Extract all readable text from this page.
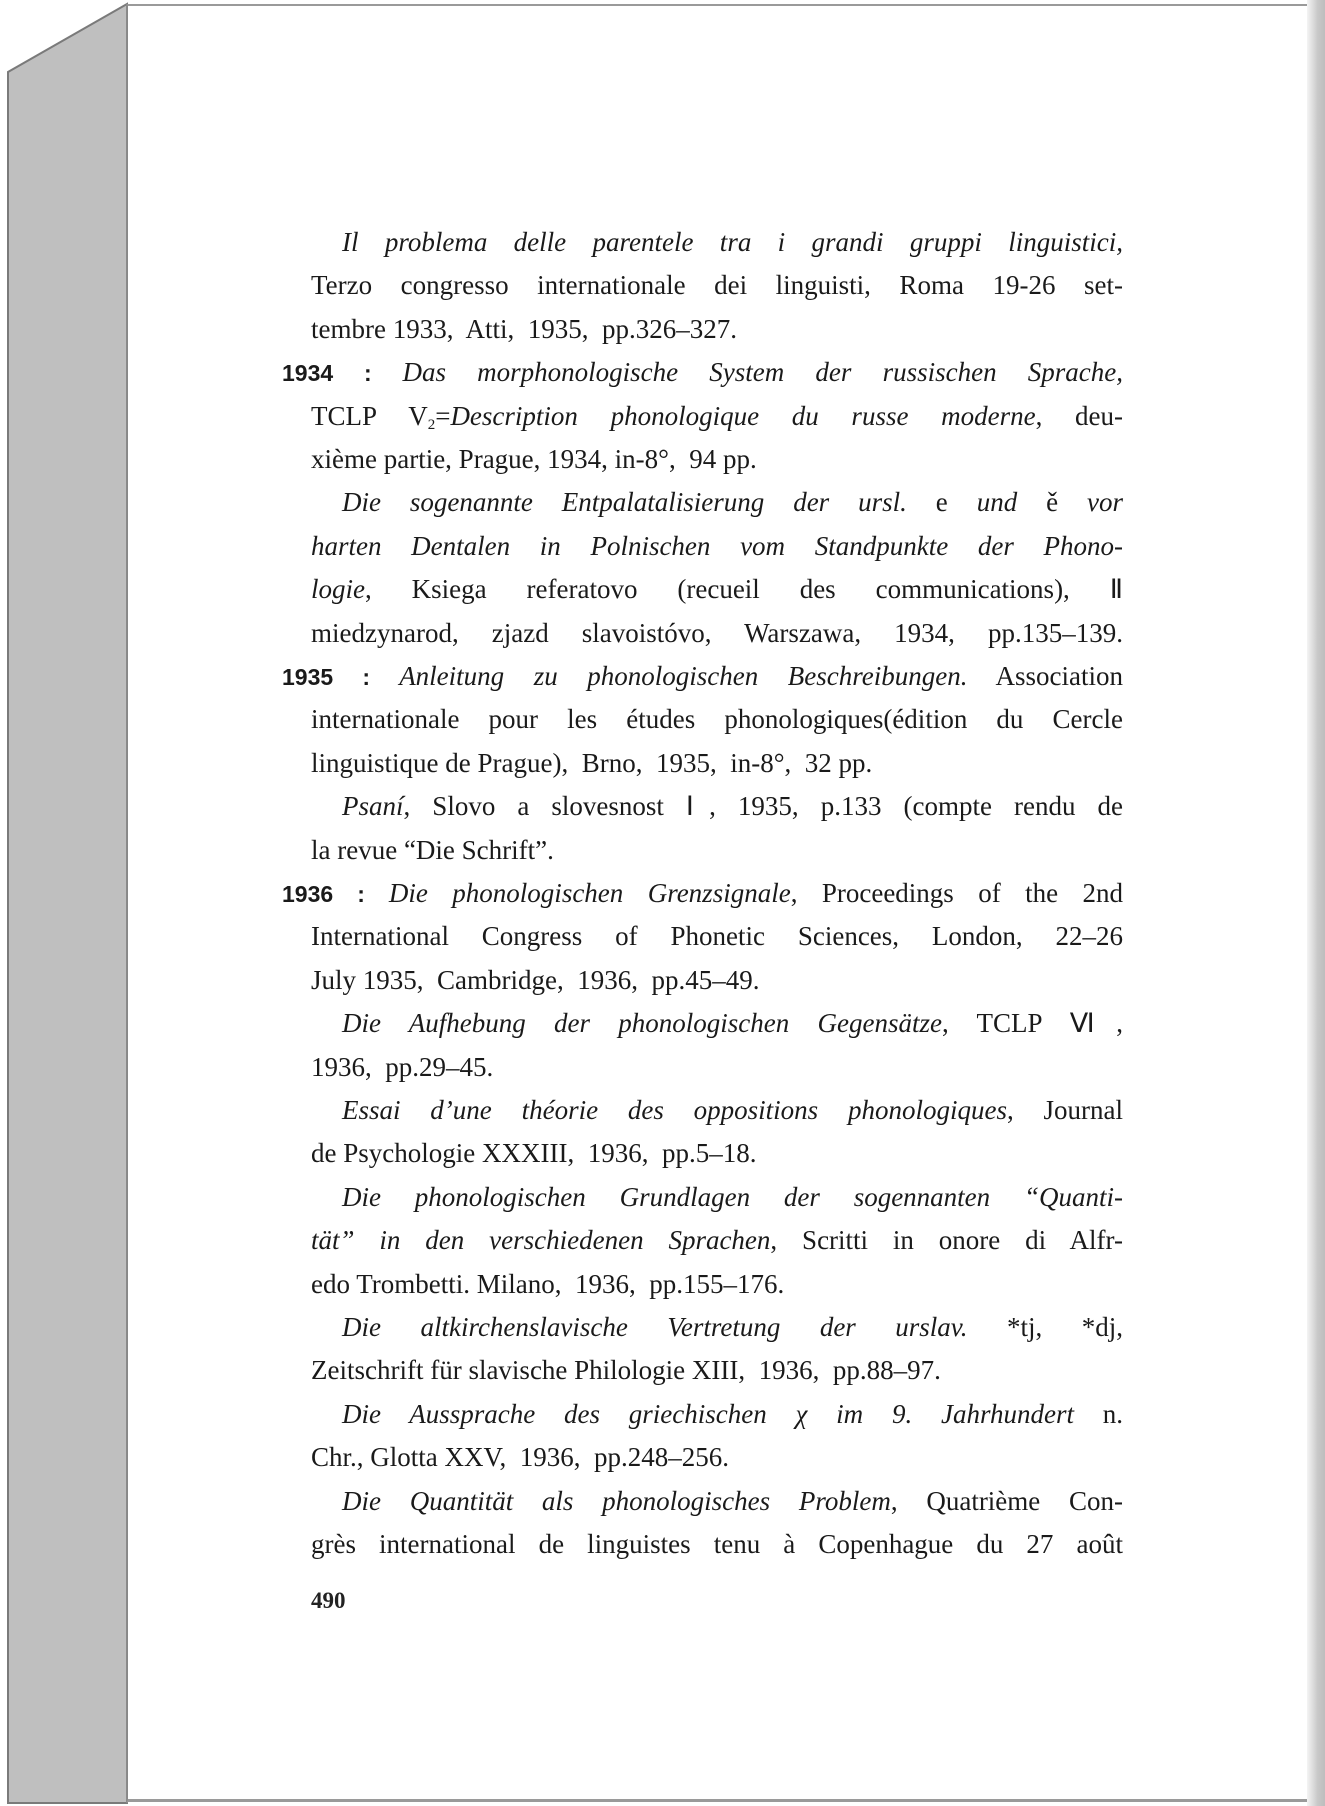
Il problema delle parentele tra i grandi gruppi linguistici,
Terzo congresso internationale dei linguisti, Roma 19-26 set-
tembre 1933,  Atti,  1935,  pp.326–327.
1934 : Das morphonologische System der russischen Sprache,
TCLP $V_2=Description$ phonologique du russe moderne, deu-
xième partie, Prague, 1934, in-8°,  94 pp.
Die sogenannte Entpalatalisierung der ursl. e und ě vor
harten Dentalen in Polnischen vom Standpunkte der Phono-
logie, Ksiega referatovo (recueil des communications), Ⅱ
miedzynarod, zjazd slavoistóvo, Warszawa, 1934, pp.135–139.
1935 : Anleitung zu phonologischen Beschreibungen. Association
internationale pour les études phonologiques(édition du Cercle
linguistique de Prague),  Brno,  1935,  in-8°,  32 pp.
Psaní, Slovo a slovesnost Ⅰ, 1935, p.133 (compte rendu de
la revue “Die Schrift”.
1936 : Die phonologischen Grenzsignale, Proceedings of the 2nd
International Congress of Phonetic Sciences, London, 22–26
July 1935,  Cambridge,  1936,  pp.45–49.
Die Aufhebung der phonologischen Gegensätze, TCLP Ⅵ,
1936,  pp.29–45.
Essai d’une théorie des oppositions phonologiques, Journal
de Psychologie XXXIII,  1936,  pp.5–18.
Die phonologischen Grundlagen der sogennanten “Quanti-
tät” in den verschiedenen Sprachen, Scritti in onore di Alfr-
edo Trombetti. Milano,  1936,  pp.155–176.
Die altkirchenslavische Vertretung der urslav. *tj, *dj,
Zeitschrift für slavische Philologie XIII,  1936,  pp.88–97.
Die Aussprache des griechischen χ im 9. Jahrhundert n.
Chr., Glotta XXV,  1936,  pp.248–256.
Die Quantität als phonologisches Problem, Quatrième Con-
grès international de linguistes tenu à Copenhague du 27 août
490
